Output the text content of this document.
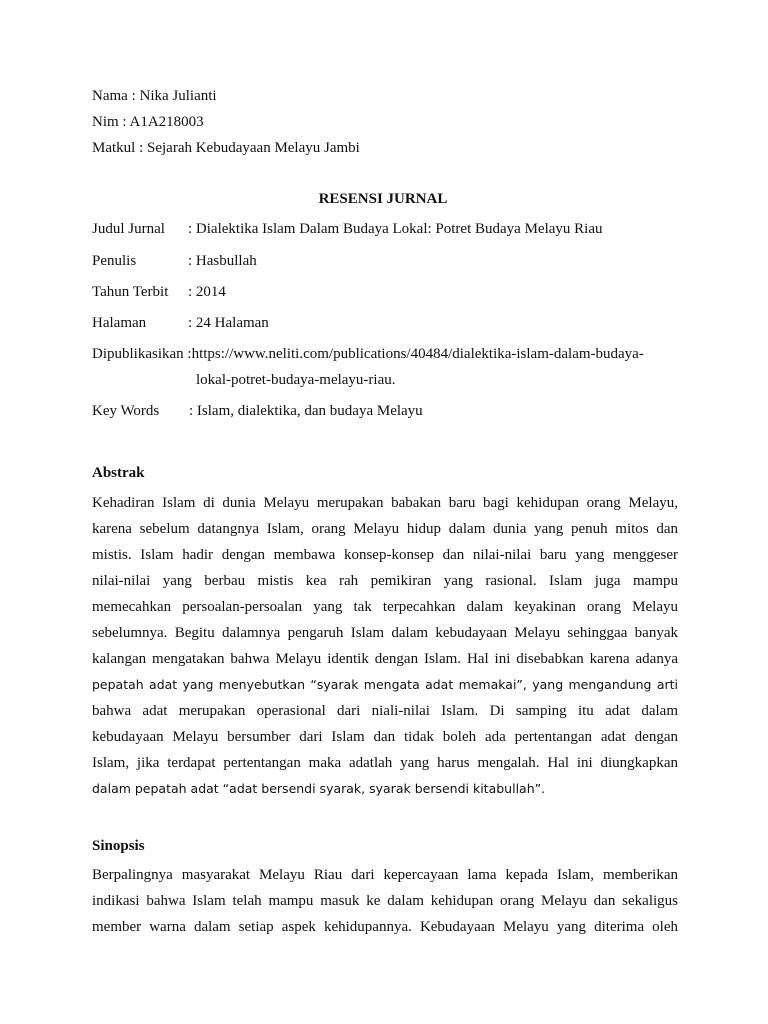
Nama : Nika Julianti
Nim : A1A218003
Matkul : Sejarah Kebudayaan Melayu Jambi
RESENSI JURNAL
Judul Jurnal : Dialektika Islam Dalam Budaya Lokal: Potret Budaya Melayu Riau
Penulis	: Hasbullah
Tahun Terbit : 2014
Halaman	: 24 Halaman
Dipublikasikan :https://www.neliti.com/publications/40484/dialektika-islam-dalam-budaya-
lokal-potret-budaya-melayu-riau.
Key Words : Islam, dialektika, dan budaya Melayu
Abstrak
Kehadiran Islam di dunia Melayu merupakan babakan baru bagi kehidupan orang Melayu,
karena sebelum datangnya Islam, orang Melayu hidup dalam dunia yang penuh mitos dan
mistis. Islam hadir dengan membawa konsep-konsep dan nilai-nilai baru yang menggeser
nilai-nilai yang berbau mistis kea rah pemikiran yang rasional. Islam juga mampu
memecahkan persoalan-persoalan yang tak terpecahkan dalam keyakinan orang Melayu
sebelumnya. Begitu dalamnya pengaruh Islam dalam kebudayaan Melayu sehinggaa banyak
kalangan mengatakan bahwa Melayu identik dengan Islam. Hal ini disebabkan karena adanya
pepatah adat yang menyebutkan “syarak mengata adat memakai”, yang mengandung arti
bahwa adat merupakan operasional dari niali-nilai Islam. Di samping itu adat dalam
kebudayaan Melayu bersumber dari Islam dan tidak boleh ada pertentangan adat dengan
Islam, jika terdapat pertentangan maka adatlah yang harus mengalah. Hal ini diungkapkan
dalam pepatah adat “adat bersendi syarak, syarak bersendi kitabullah”.
Sinopsis
Berpalingnya masyarakat Melayu Riau dari kepercayaan lama kepada Islam, memberikan
indikasi bahwa Islam telah mampu masuk ke dalam kehidupan orang Melayu dan sekaligus
member warna dalam setiap aspek kehidupannya. Kebudayaan Melayu yang diterima oleh
